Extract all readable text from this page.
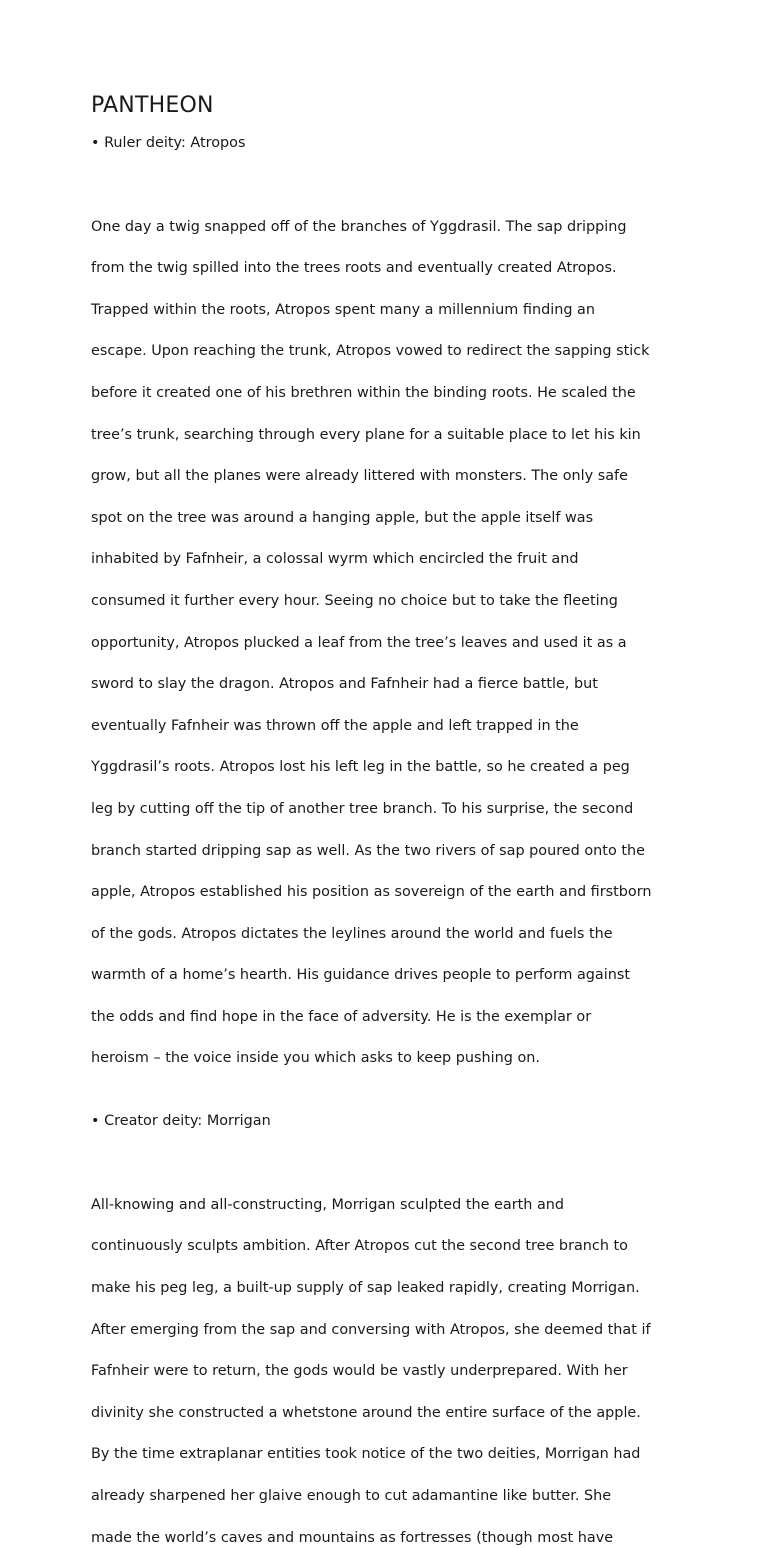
PANTHEON

• Ruler deity: Atropos

One day a twig snapped off of the branches of Yggdrasil. The sap dripping

from the twig spilled into the trees roots and eventually created Atropos.

Trapped within the roots, Atropos spent many a millennium finding an

escape. Upon reaching the trunk, Atropos vowed to redirect the sapping stick

before it created one of his brethren within the binding roots. He scaled the

tree’s trunk, searching through every plane for a suitable place to let his kin

grow, but all the planes were already littered with monsters. The only safe

spot on the tree was around a hanging apple, but the apple itself was

inhabited by Fafnheir, a colossal wyrm which encircled the fruit and

consumed it further every hour. Seeing no choice but to take the fleeting

opportunity, Atropos plucked a leaf from the tree’s leaves and used it as a

sword to slay the dragon. Atropos and Fafnheir had a fierce battle, but

eventually Fafnheir was thrown off the apple and left trapped in the

Yggdrasil’s roots. Atropos lost his left leg in the battle, so he created a peg

leg by cutting off the tip of another tree branch. To his surprise, the second

branch started dripping sap as well. As the two rivers of sap poured onto the

apple, Atropos established his position as sovereign of the earth and firstborn

of the gods. Atropos dictates the leylines around the world and fuels the

warmth of a home’s hearth. His guidance drives people to perform against

the odds and find hope in the face of adversity. He is the exemplar or

heroism – the voice inside you which asks to keep pushing on.

• Creator deity: Morrigan

All-knowing and all-constructing, Morrigan sculpted the earth and

continuously sculpts ambition. After Atropos cut the second tree branch to

make his peg leg, a built-up supply of sap leaked rapidly, creating Morrigan.

After emerging from the sap and conversing with Atropos, she deemed that if

Fafnheir were to return, the gods would be vastly underprepared. With her

divinity she constructed a whetstone around the entire surface of the apple.

By the time extraplanar entities took notice of the two deities, Morrigan had

already sharpened her glaive enough to cut adamantine like butter. She

made the world’s caves and mountains as fortresses (though most have
